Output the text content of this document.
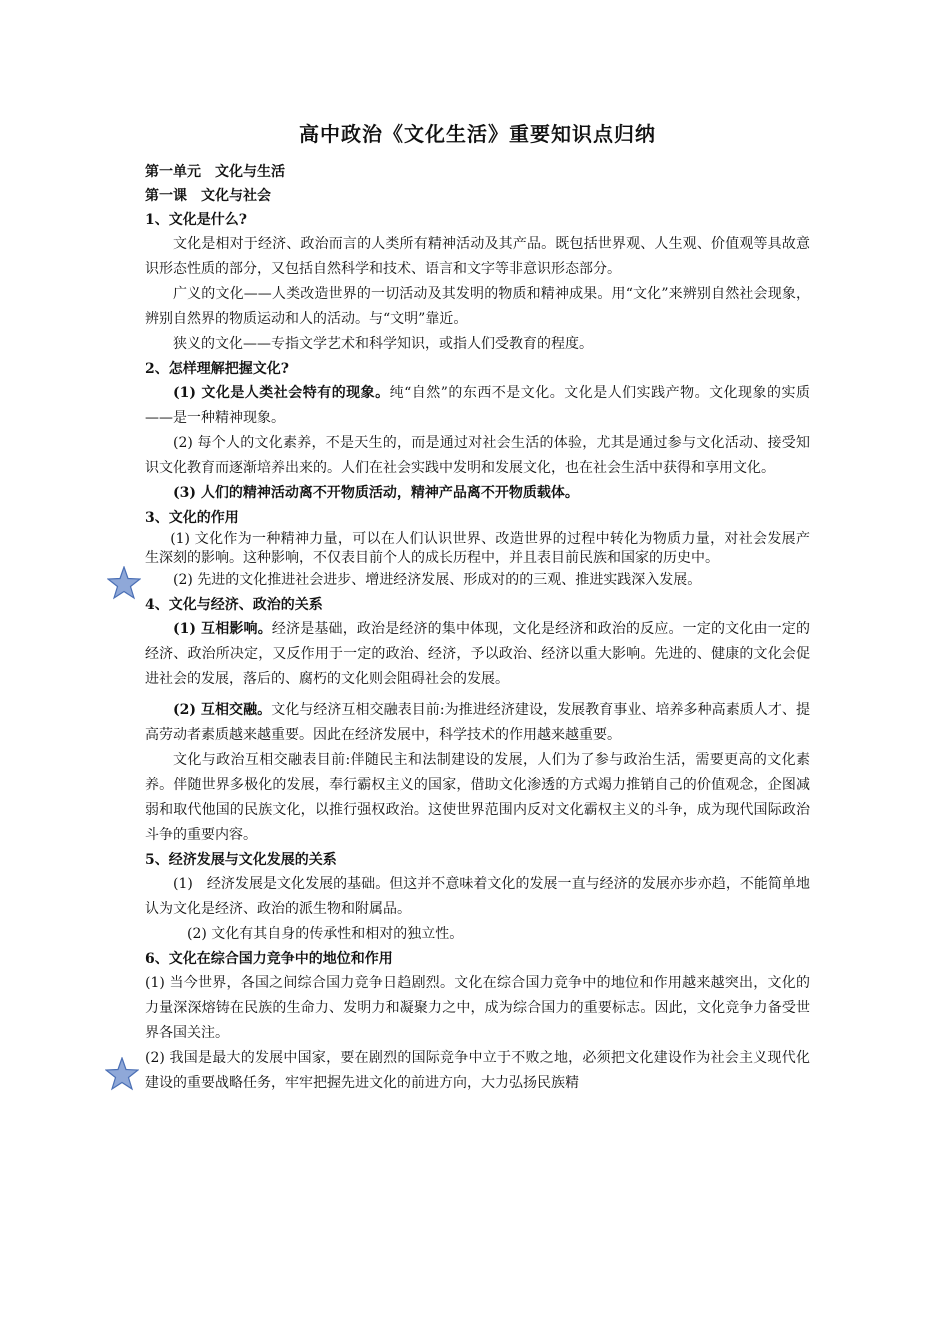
高中政治《文化生活》重要知识点归纳
第一单元　文化与生活
第一课　文化与社会
1、文化是什么?

文化是相对于经济、政治而言的人类所有精神活动及其产品。既包括世界观、人生观、价值观等具故意识形态性质的部分，又包括自然科学和技术、语言和文字等非意识形态部分。

广义的文化——人类改造世界的一切活动及其发明的物质和精神成果。用“文化”来辨别自然社会现象，辨别自然界的物质运动和人的活动。与“文明”靠近。

狭义的文化——专指文学艺术和科学知识，或指人们受教育的程度。

2、怎样理解把握文化?

(1) 文化是人类社会特有的现象。纯“自然”的东西不是文化。文化是人们实践产物。文化现象的实质——是一种精神现象。

(2) 每个人的文化素养，不是天生的，而是通过对社会生活的体验，尤其是通过参与文化活动、接受知识文化教育而逐渐培养出来的。人们在社会实践中发明和发展文化，也在社会生活中获得和享用文化。

(3) 人们的精神活动离不开物质活动，精神产品离不开物质载体。

3、文化的作用

(1) 文化作为一种精神力量，可以在人们认识世界、改造世界的过程中转化为物质力量，对社会发展产生深刻的影响。这种影响，不仅表目前个人的成长历程中，并且表目前民族和国家的历史中。

(2) 先进的文化推进社会进步、增进经济发展、形成对的的三观、推进实践深入发展。

4、文化与经济、政治的关系

(1) 互相影响。经济是基础，政治是经济的集中体现，文化是经济和政治的反应。一定的文化由一定的经济、政治所决定，又反作用于一定的政治、经济，予以政治、经济以重大影响。先进的、健康的文化会促进社会的发展，落后的、腐朽的文化则会阻碍社会的发展。

(2) 互相交融。文化与经济互相交融表目前:为推进经济建设，发展教育事业、培养多种高素质人才、提高劳动者素质越来越重要。因此在经济发展中，科学技术的作用越来越重要。

文化与政治互相交融表目前:伴随民主和法制建设的发展，人们为了参与政治生活，需要更高的文化素养。伴随世界多极化的发展，奉行霸权主义的国家，借助文化渗透的方式竭力推销自己的价值观念，企图减弱和取代他国的民族文化，以推行强权政治。这使世界范围内反对文化霸权主义的斗争，成为现代国际政治斗争的重要内容。

5、经济发展与文化发展的关系

(1)　经济发展是文化发展的基础。但这并不意味着文化的发展一直与经济的发展亦步亦趋，不能简单地认为文化是经济、政治的派生物和附属品。

(2) 文化有其自身的传承性和相对的独立性。

6、文化在综合国力竞争中的地位和作用

(1) 当今世界，各国之间综合国力竞争日趋剧烈。文化在综合国力竞争中的地位和作用越来越突出，文化的力量深深熔铸在民族的生命力、发明力和凝聚力之中，成为综合国力的重要标志。因此，文化竞争力备受世界各国关注。

(2) 我国是最大的发展中国家，要在剧烈的国际竞争中立于不败之地，必须把文化建设作为社会主义现代化建设的重要战略任务，牢牢把握先进文化的前进方向，大力弘扬民族精
